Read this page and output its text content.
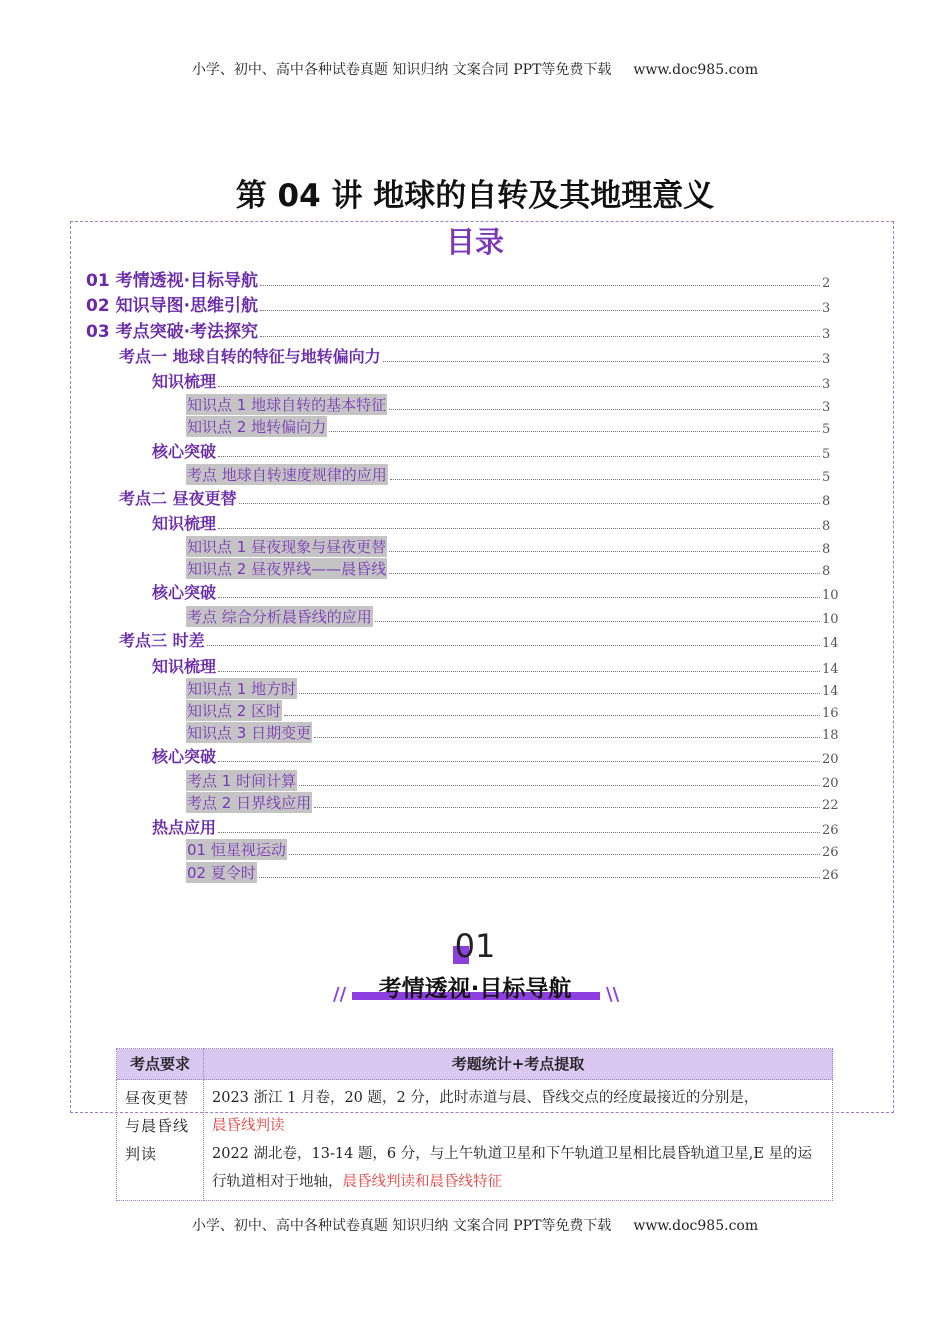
小学、初中、高中各种试卷真题 知识归纳 文案合同 PPT等免费下载 www.doc985.com
第 04 讲 地球的自转及其地理意义
目录
01 考情透视·目标导航	2
02 知识导图·思维引航	3
03 考点突破·考法探究	3
考点一 地球自转的特征与地转偏向力	3
知识梳理	3
知识点 1 地球自转的基本特征	3
知识点 2 地转偏向力	5
核心突破	5
考点 地球自转速度规律的应用	5
考点二 昼夜更替	8
知识梳理	8
知识点 1 昼夜现象与昼夜更替	8
知识点 2 昼夜界线——晨昏线	8
核心突破	10
考点 综合分析晨昏线的应用	10
考点三 时差	14
知识梳理	14
知识点 1 地方时	14
知识点 2 区时	16
知识点 3 日期变更	18
核心突破	20
考点 1 时间计算	20
考点 2 日界线应用	22
热点应用	26
01 恒星视运动	26
02 夏令时	26
01
//	\\
考情透视·目标导航
考点要求	考题统计+考点提取
昼夜更替与晨昏线判读	2023 浙江 1 月卷，20 题，2 分，此时赤道与晨、昏线交点的经度最接近的分别是，
晨昏线判读
2022 湖北卷，13-14 题，6 分，与上午轨道卫星和下午轨道卫星相比晨昏轨道卫星,E 星的运行轨道相对于地轴，晨昏线判读和晨昏线特征
小学、初中、高中各种试卷真题 知识归纳 文案合同 PPT等免费下载 www.doc985.com
